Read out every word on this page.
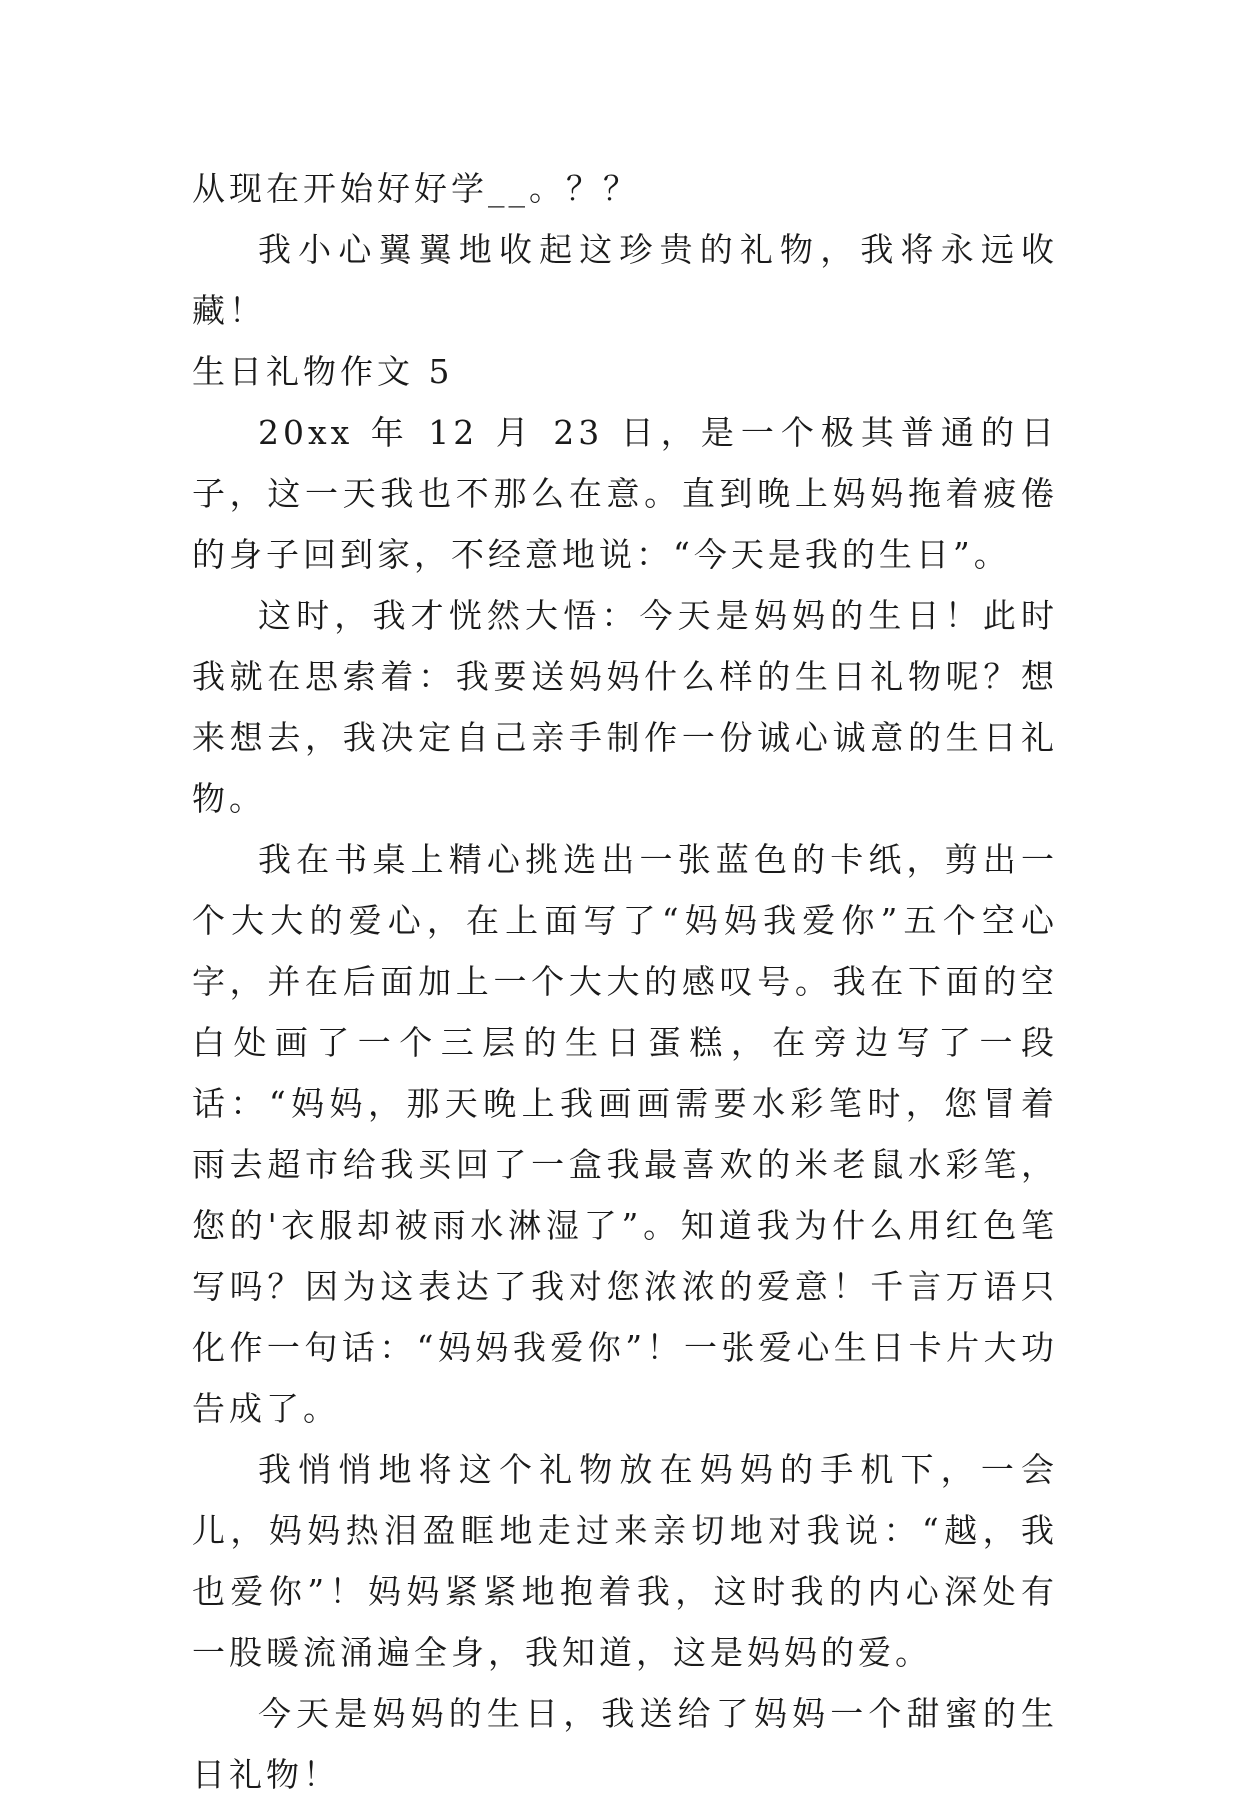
从现在开始好好学__。？？

我小心翼翼地收起这珍贵的礼物，我将永远收藏！

生日礼物作文 5

20xx 年 12 月 23 日，是一个极其普通的日子，这一天我也不那么在意。直到晚上妈妈拖着疲倦的身子回到家，不经意地说：“今天是我的生日”。

这时，我才恍然大悟：今天是妈妈的生日！此时我就在思索着：我要送妈妈什么样的生日礼物呢？想来想去，我决定自己亲手制作一份诚心诚意的生日礼物。

我在书桌上精心挑选出一张蓝色的卡纸，剪出一个大大的爱心，在上面写了“妈妈我爱你”五个空心字，并在后面加上一个大大的感叹号。我在下面的空白处画了一个三层的生日蛋糕，在旁边写了一段话：“妈妈，那天晚上我画画需要水彩笔时，您冒着雨去超市给我买回了一盒我最喜欢的米老鼠水彩笔，您的'衣服却被雨水淋湿了”。知道我为什么用红色笔写吗？因为这表达了我对您浓浓的爱意！千言万语只化作一句话：“妈妈我爱你”！一张爱心生日卡片大功告成了。

我悄悄地将这个礼物放在妈妈的手机下，一会儿，妈妈热泪盈眶地走过来亲切地对我说：“越，我也爱你”！妈妈紧紧地抱着我，这时我的内心深处有一股暖流涌遍全身，我知道，这是妈妈的爱。

今天是妈妈的生日，我送给了妈妈一个甜蜜的生日礼物！
